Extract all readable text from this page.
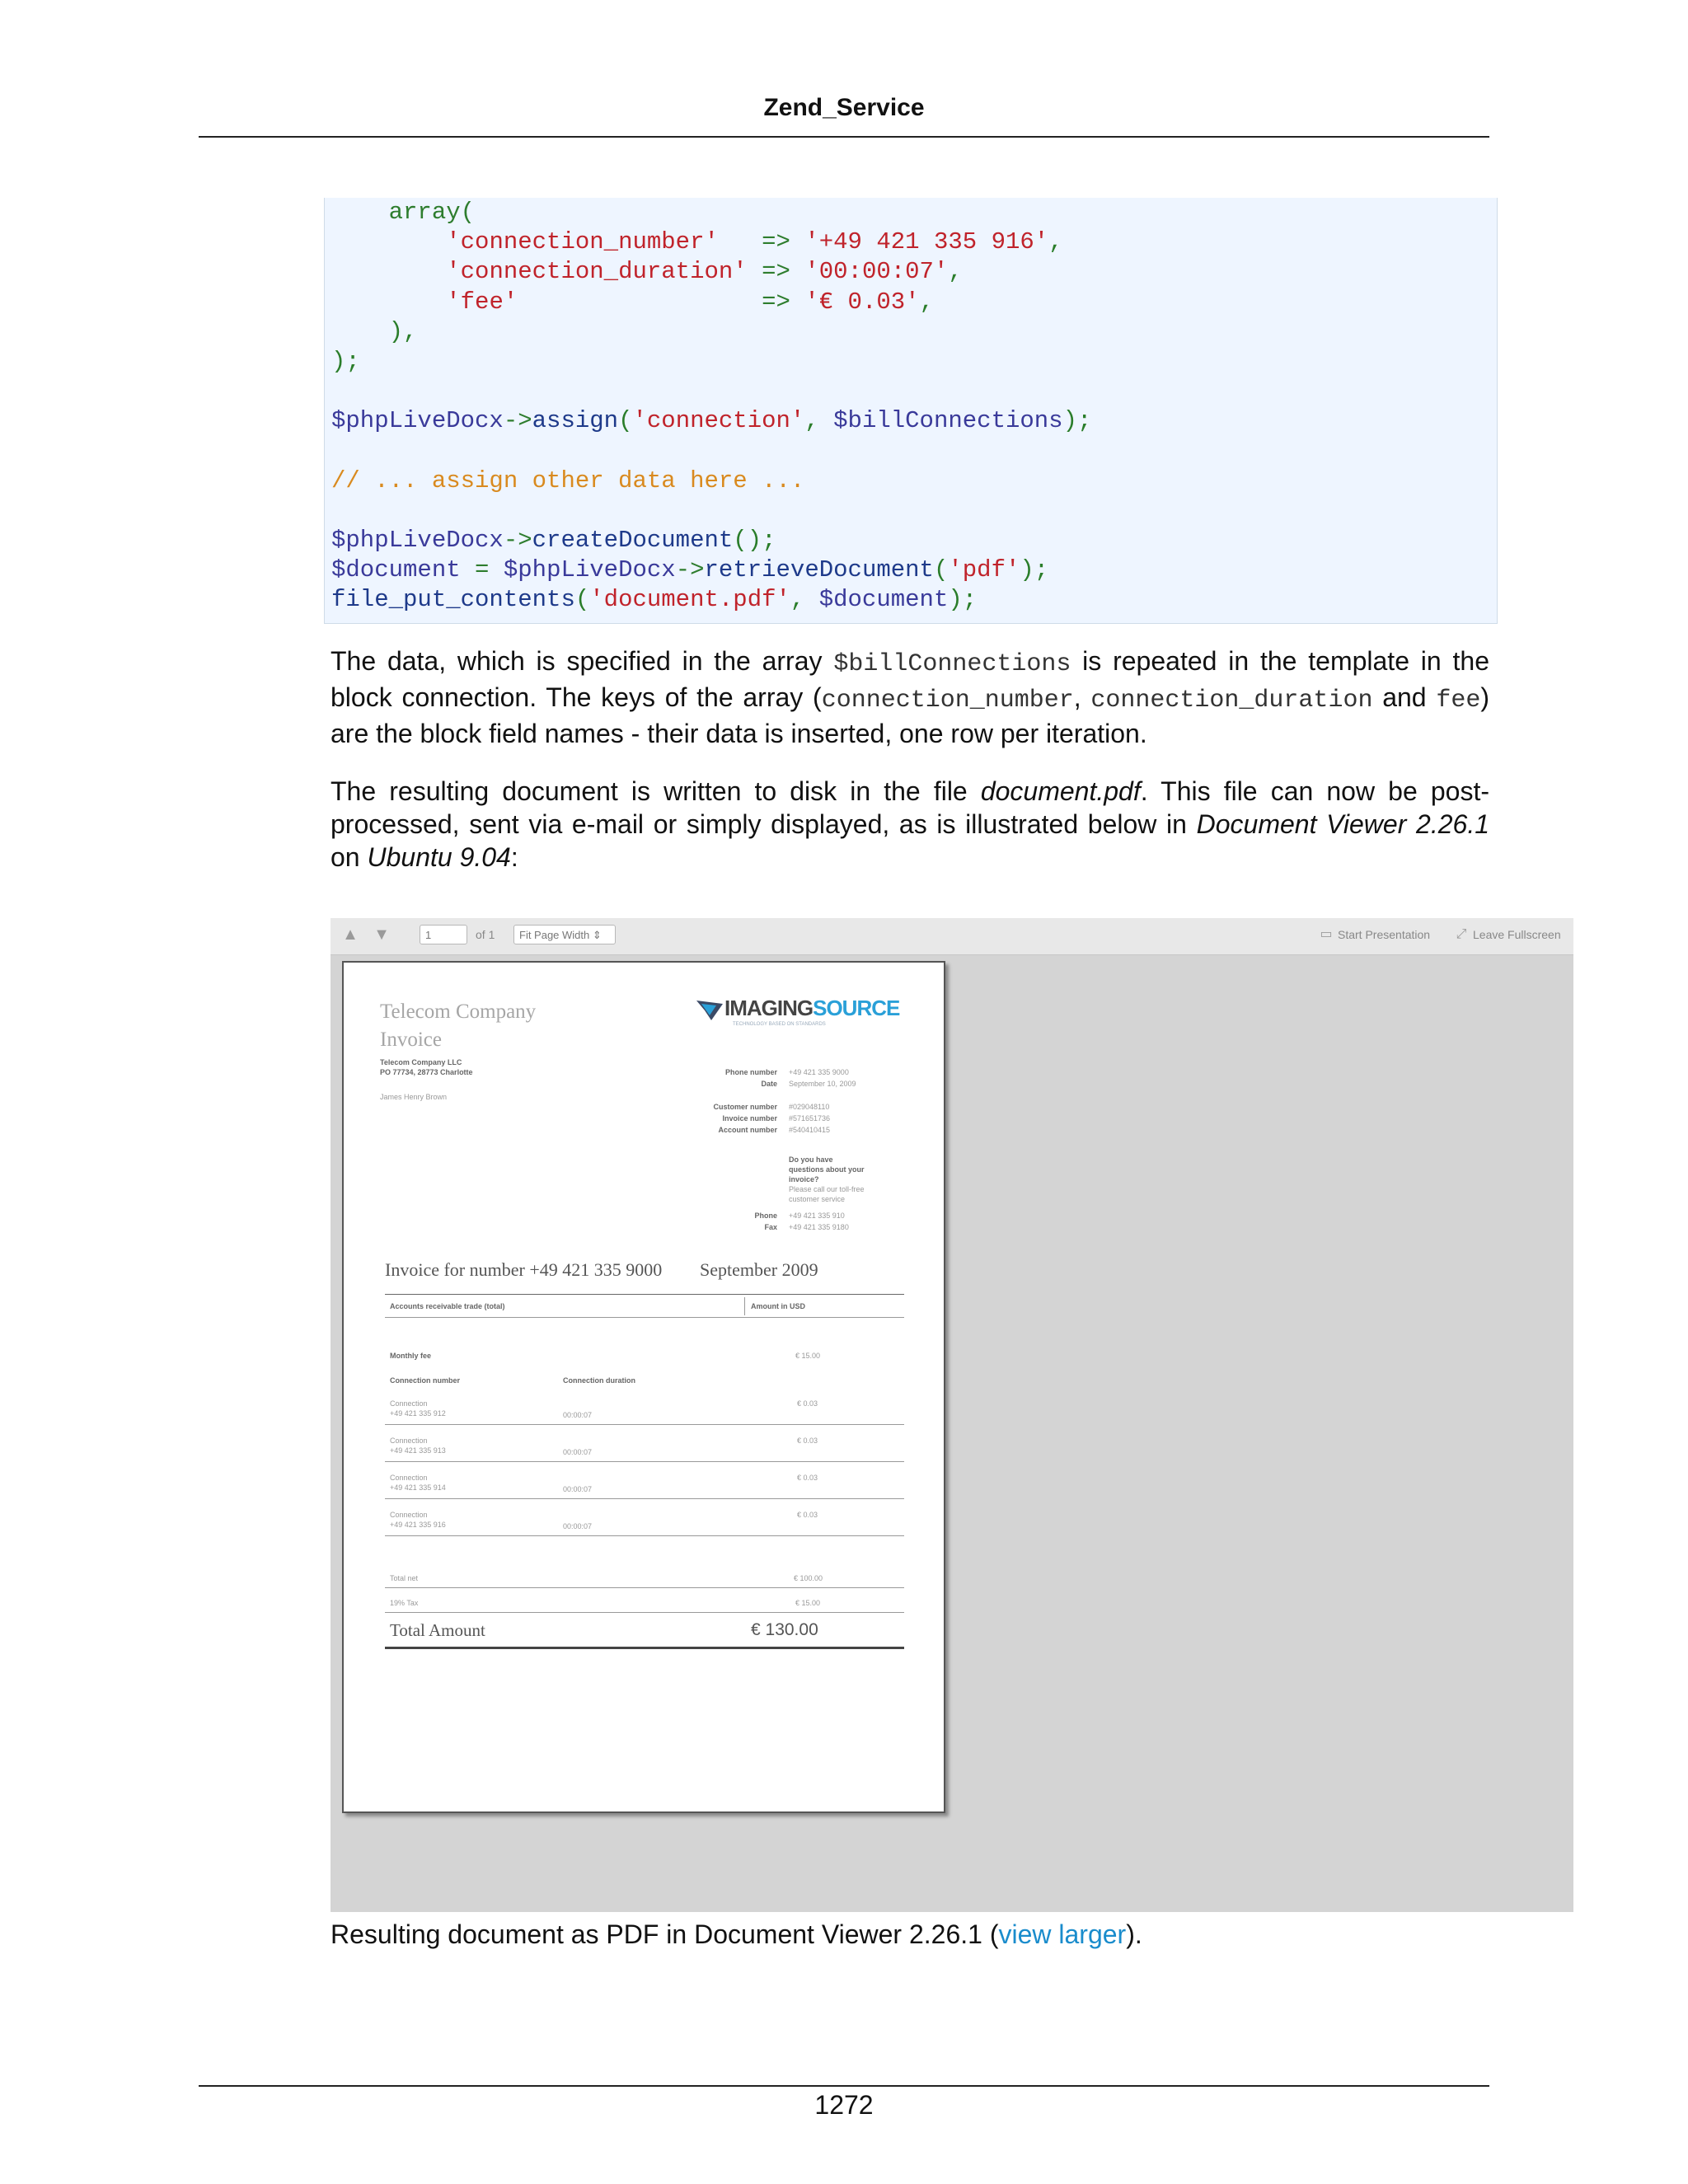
Zend_Service
array(
'connection_number' => '+49 421 335 916',
'connection_duration' => '00:00:07',
'fee'	=> '€ 0.03',
),
);
$phpLiveDocx->assign('connection', $billConnections);
// ... assign other data here ...
$phpLiveDocx->createDocument();
$document = $phpLiveDocx->retrieveDocument('pdf');
file_put_contents('document.pdf', $document);
The data, which is specified in the array $billConnections is repeated in the template in the block connection. The keys of the array (connection_number, connection_duration and fee) are the block field names - their data is inserted, one row per iteration.
The resulting document is written to disk in the file document.pdf. This file can now be post-processed, sent via e-mail or simply displayed, as is illustrated below in Document Viewer 2.26.1 on Ubuntu 9.04:
▲ ▼	1	of 1	Fit Page Width ⇕	▭ Start Presentation ⤢ Leave Fullscreen
Telecom Company
Invoice
Telecom Company LLC
PO 77734, 28773 Charlotte
James Henry Brown
IMAGINGSOURCE
TECHNOLOGY BASED ON STANDARDS
Phone number +49 421 335 9000
Date September 10, 2009
Customer number #029048110
Invoice number #571651736
Account number #540410415
Do you have
questions about your
invoice?
Please call our toll-free
customer service
Phone +49 421 335 910
Fax +49 421 335 9180
Invoice for number +49 421 335 9000 September 2009
Accounts receivable trade (total)	Amount in USD
Monthly fee	€ 15.00
Connection number	Connection duration
Connection
+49 421 335 912	00:00:07
€ 0.03
Connection
+49 421 335 913	00:00:07
€ 0.03
Connection
+49 421 335 914	00:00:07
€ 0.03
Connection
+49 421 335 916	00:00:07
€ 0.03
Total net	€ 100.00
19% Tax	€ 15.00
Total Amount	€ 130.00
Resulting document as PDF in Document Viewer 2.26.1 (view larger).
1272
